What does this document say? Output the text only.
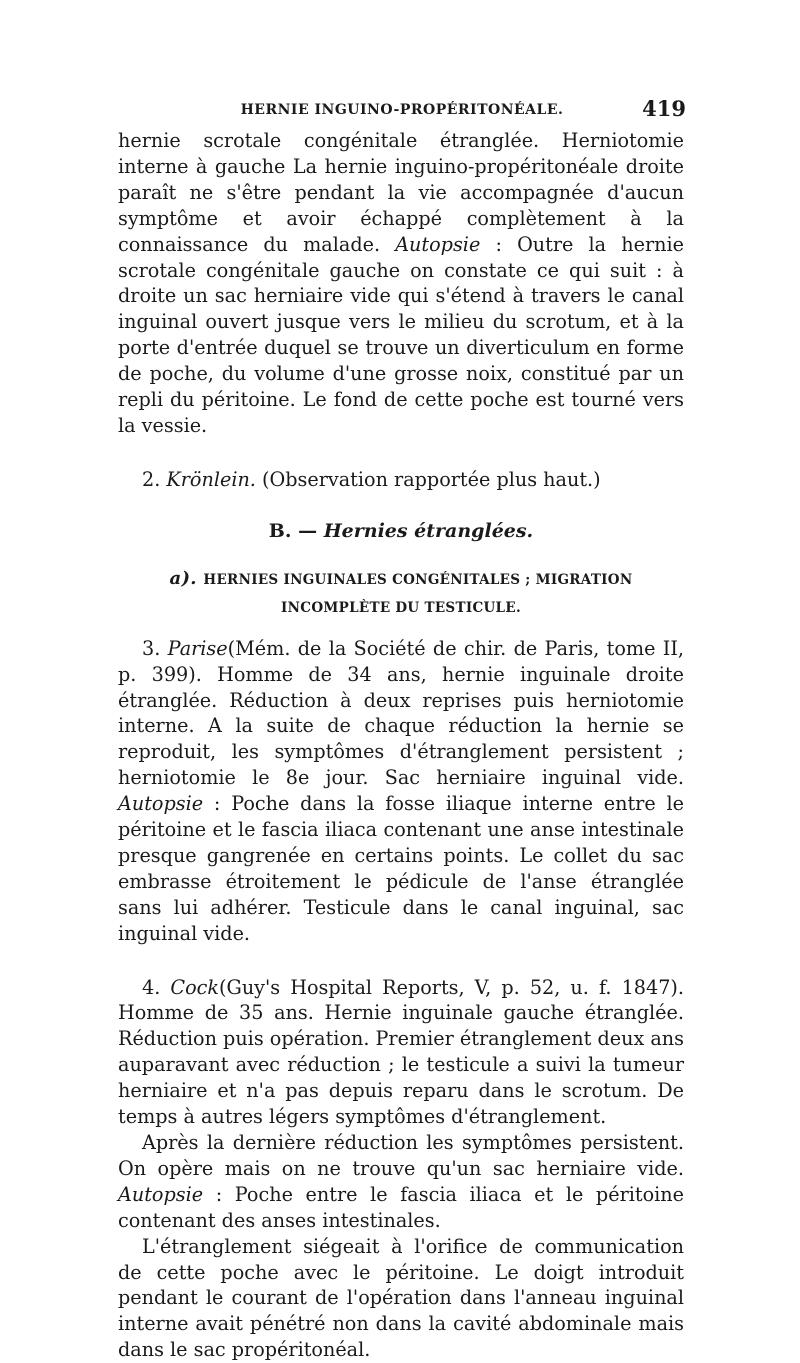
HERNIE INGUINO-PROPÉRITONÉALE.	419

hernie scrotale congénitale étranglée. Herniotomie interne à gauche La hernie inguino-propéritonéale droite paraît ne s'être pendant la vie accompagnée d'aucun symptôme et avoir échappé complètement à la connaissance du malade. Autopsie : Outre la hernie scrotale congénitale gauche on constate ce qui suit : à droite un sac herniaire vide qui s'étend à travers le canal inguinal ouvert jusque vers le milieu du scrotum, et à la porte d'entrée duquel se trouve un diverticulum en forme de poche, du volume d'une grosse noix, constitué par un repli du péritoine. Le fond de cette poche est tourné vers la vessie.

2. Krönlein. (Observation rapportée plus haut.)

B. — Hernies étranglées.

a). HERNIES INGUINALES CONGÉNITALES ; MIGRATION INCOMPLÈTE DU TESTICULE.

3. Parise(Mém. de la Société de chir. de Paris, tome II, p. 399). Homme de 34 ans, hernie inguinale droite étranglée. Réduction à deux reprises puis herniotomie interne. A la suite de chaque réduction la hernie se reproduit, les symptômes d'étranglement persistent ; herniotomie le 8e jour. Sac herniaire inguinal vide. Autopsie : Poche dans la fosse iliaque interne entre le péritoine et le fascia iliaca contenant une anse intestinale presque gangrenée en certains points. Le collet du sac embrasse étroitement le pédicule de l'anse étranglée sans lui adhérer. Testicule dans le canal inguinal, sac inguinal vide.

4. Cock(Guy's Hospital Reports, V, p. 52, u. f. 1847). Homme de 35 ans. Hernie inguinale gauche étranglée. Réduction puis opération. Premier étranglement deux ans auparavant avec réduction ; le testicule a suivi la tumeur herniaire et n'a pas depuis reparu dans le scrotum. De temps à autres légers symptômes d'étranglement.

Après la dernière réduction les symptômes persistent. On opère mais on ne trouve qu'un sac herniaire vide. Autopsie : Poche entre le fascia iliaca et le péritoine contenant des anses intestinales.

L'étranglement siégeait à l'orifice de communication de cette poche avec le péritoine. Le doigt introduit pendant le courant de l'opération dans l'anneau inguinal interne avait pénétré non dans la cavité abdominale mais dans le sac propéritonéal.
